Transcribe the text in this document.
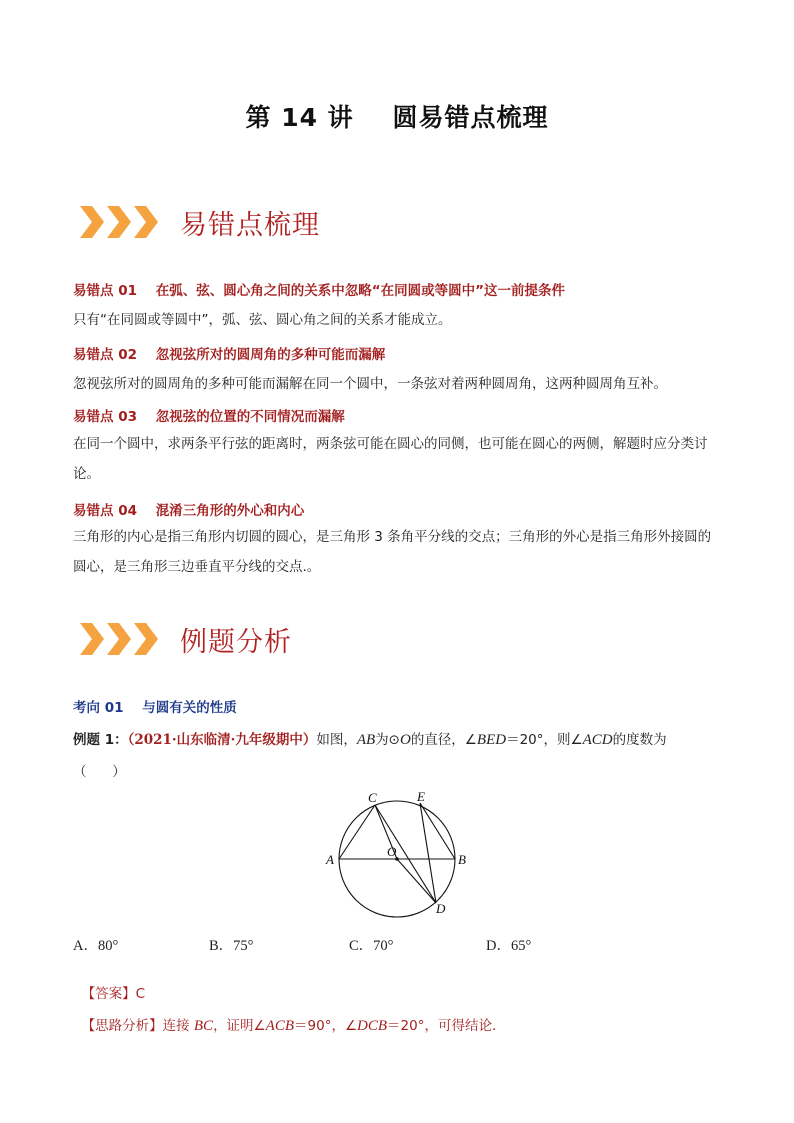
第 14 讲    圆易错点梳理
易错点梳理
易错点 01    在弧、弦、圆心角之间的关系中忽略“在同圆或等圆中”这一前提条件
只有“在同圆或等圆中”，弧、弦、圆心角之间的关系才能成立。
易错点 02    忽视弦所对的圆周角的多种可能而漏解
忽视弦所对的圆周角的多种可能而漏解在同一个圆中，一条弦对着两种圆周角，这两种圆周角互补。
易错点 03    忽视弦的位置的不同情况而漏解
在同一个圆中，求两条平行弦的距离时，两条弦可能在圆心的同侧，也可能在圆心的两侧，解题时应分类讨论。
易错点 04    混淆三角形的外心和内心
三角形的内心是指三角形内切圆的圆心，是三角形 3 条角平分线的交点；三角形的外心是指三角形外接圆的圆心，是三角形三边垂直平分线的交点.。
例题分析
考向 01    与圆有关的性质
例题 1：（2021·山东临清·九年级期中）如图，AB为⊙O的直径，∠BED＝20°，则∠ACD的度数为
（      ）
C	E
A
O
B
D
A．80°	B．75°	C．70°	D．65°

【答案】C

【思路分析】连接 BC，证明∠ACB＝90°，∠DCB＝20°，可得结论．
